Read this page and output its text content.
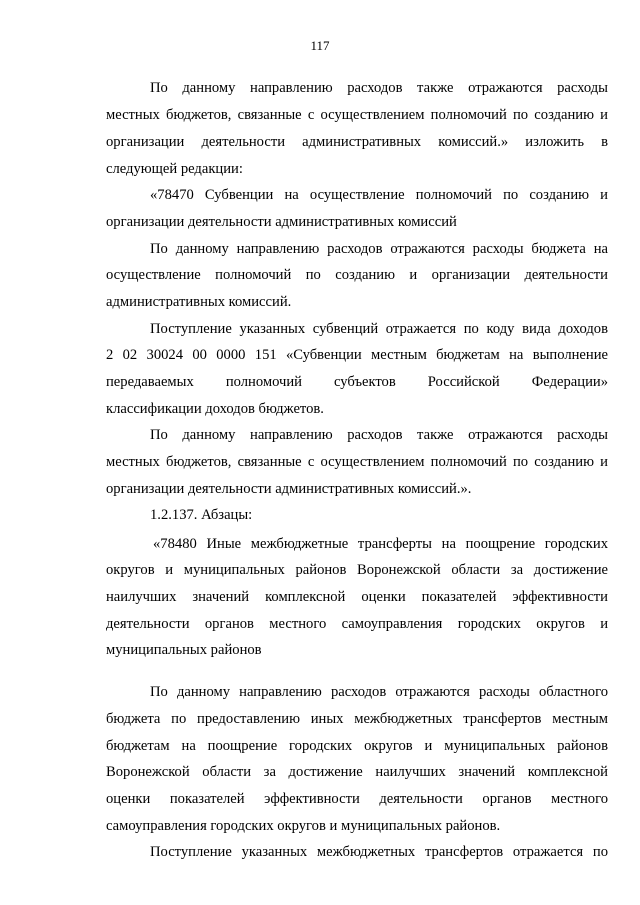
117
По данному направлению расходов также отражаются расходы
местных бюджетов, связанные с осуществлением полномочий по созданию и
организации деятельности административных комиссий.» изложить в
следующей редакции:
«78470 Субвенции на осуществление полномочий по созданию и
организации деятельности административных комиссий
По данному направлению расходов отражаются расходы бюджета на
осуществление полномочий по созданию и организации деятельности
административных комиссий.
Поступление указанных субвенций отражается по коду вида доходов
2 02 30024 00 0000 151 «Субвенции местным бюджетам на выполнение
передаваемых полномочий субъектов Российской Федерации»
классификации доходов бюджетов.
По данному направлению расходов также отражаются расходы
местных бюджетов, связанные с осуществлением полномочий по созданию и
организации деятельности административных комиссий.».
1.2.137. Абзацы:
«78480 Иные межбюджетные трансферты на поощрение городских
округов и муниципальных районов Воронежской области за достижение
наилучших значений комплексной оценки показателей эффективности
деятельности органов местного самоуправления городских округов и
муниципальных районов
По данному направлению расходов отражаются расходы областного
бюджета по предоставлению иных межбюджетных трансфертов местным
бюджетам на поощрение городских округов и муниципальных районов
Воронежской области за достижение наилучших значений комплексной
оценки показателей эффективности деятельности органов местного
самоуправления городских округов и муниципальных районов.
Поступление указанных межбюджетных трансфертов отражается по
